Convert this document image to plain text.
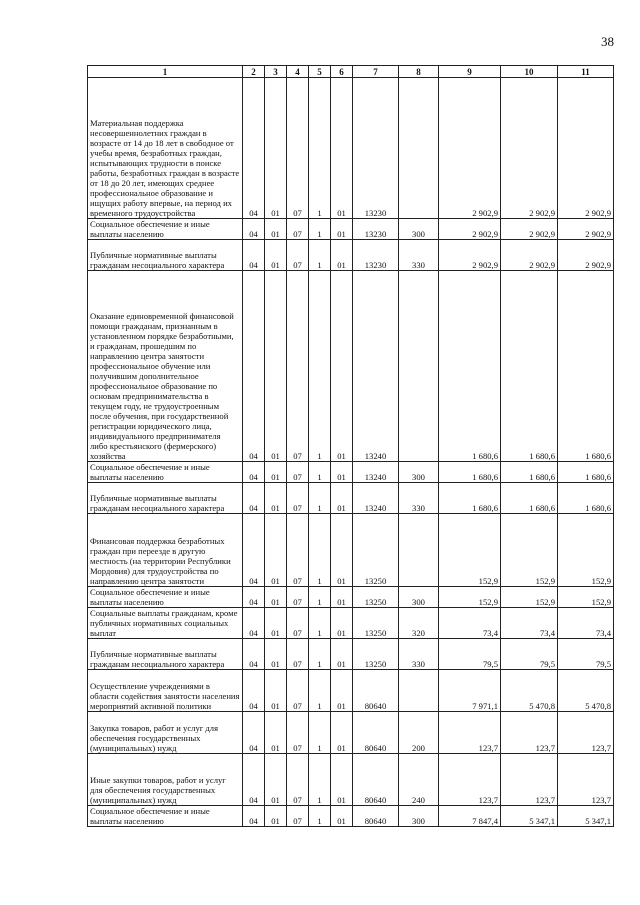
38
1	2	3	4	5	6	7	8	9	10	11
Материальная поддержка несовершеннолетних граждан в возрасте от 14 до 18 лет в свободное от учебы время, безработных граждан, испытывающих трудности в поиске работы, безработных граждан в возрасте от 18 до 20 лет, имеющих среднее профессиональное образование и ищущих работу впервые, на период их временного трудоустройства	04	01	07	1	01	13230		2 902,9	2 902,9	2 902,9
Социальное обеспечение и иные выплаты населению	04	01	07	1	01	13230	300	2 902,9	2 902,9	2 902,9
Публичные нормативные выплаты гражданам несоциального характера	04	01	07	1	01	13230	330	2 902,9	2 902,9	2 902,9
Оказание единовременной финансовой помощи гражданам, признанным в установленном порядке безработными, и гражданам, прошедшим по направлению центра занятости профессиональное обучение или получившим дополнительное профессиональное образование по основам предпринимательства в текущем году, не трудоустроенным после обучения, при государственной регистрации юридического лица, индивидуального предпринимателя либо крестьянского (фермерского) хозяйства	04	01	07	1	01	13240		1 680,6	1 680,6	1 680,6
Социальное обеспечение и иные выплаты населению	04	01	07	1	01	13240	300	1 680,6	1 680,6	1 680,6
Публичные нормативные выплаты гражданам несоциального характера	04	01	07	1	01	13240	330	1 680,6	1 680,6	1 680,6
Финансовая поддержка безработных граждан при переезде в другую местность (на территории Республики Мордовия) для трудоустройства по направлению центра занятости	04	01	07	1	01	13250		152,9	152,9	152,9
Социальное обеспечение и иные выплаты населению	04	01	07	1	01	13250	300	152,9	152,9	152,9
Социальные выплаты гражданам, кроме публичных нормативных социальных выплат	04	01	07	1	01	13250	320	73,4	73,4	73,4
Публичные нормативные выплаты гражданам несоциального характера	04	01	07	1	01	13250	330	79,5	79,5	79,5
Осуществление учреждениями в области содействия занятости населения мероприятий активной политики	04	01	07	1	01	80640		7 971,1	5 470,8	5 470,8
Закупка товаров, работ и услуг для обеспечения государственных (муниципальных) нужд	04	01	07	1	01	80640	200	123,7	123,7	123,7
Иные закупки товаров, работ и услуг для обеспечения государственных (муниципальных) нужд	04	01	07	1	01	80640	240	123,7	123,7	123,7
Социальное обеспечение и иные выплаты населению	04	01	07	1	01	80640	300	7 847,4	5 347,1	5 347,1
